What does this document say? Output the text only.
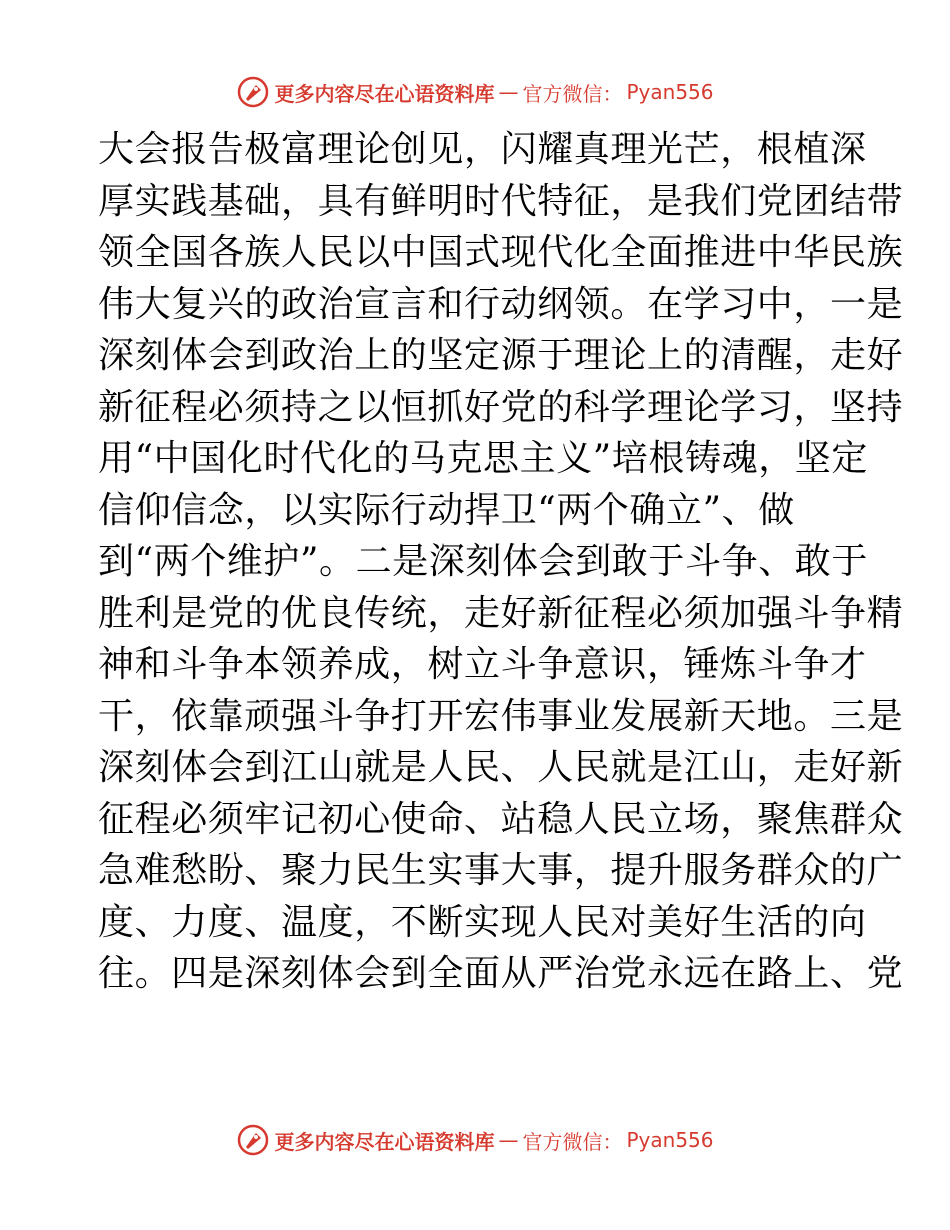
更多内容尽在心语资料库 — 官方微信： Pyan556
大会报告极富理论创见，闪耀真理光芒，根植深
厚实践基础，具有鲜明时代特征，是我们党团结带
领全国各族人民以中国式现代化全面推进中华民族
伟大复兴的政治宣言和行动纲领。在学习中，一是
深刻体会到政治上的坚定源于理论上的清醒，走好
新征程必须持之以恒抓好党的科学理论学习，坚持
用“中国化时代化的马克思主义”培根铸魂，坚定
信仰信念，以实际行动捍卫“两个确立”、做
到“两个维护”。二是深刻体会到敢于斗争、敢于
胜利是党的优良传统，走好新征程必须加强斗争精
神和斗争本领养成，树立斗争意识，锤炼斗争才
干，依靠顽强斗争打开宏伟事业发展新天地。三是
深刻体会到江山就是人民、人民就是江山，走好新
征程必须牢记初心使命、站稳人民立场，聚焦群众
急难愁盼、聚力民生实事大事，提升服务群众的广
度、力度、温度，不断实现人民对美好生活的向
往。四是深刻体会到全面从严治党永远在路上、党
更多内容尽在心语资料库 — 官方微信： Pyan556
